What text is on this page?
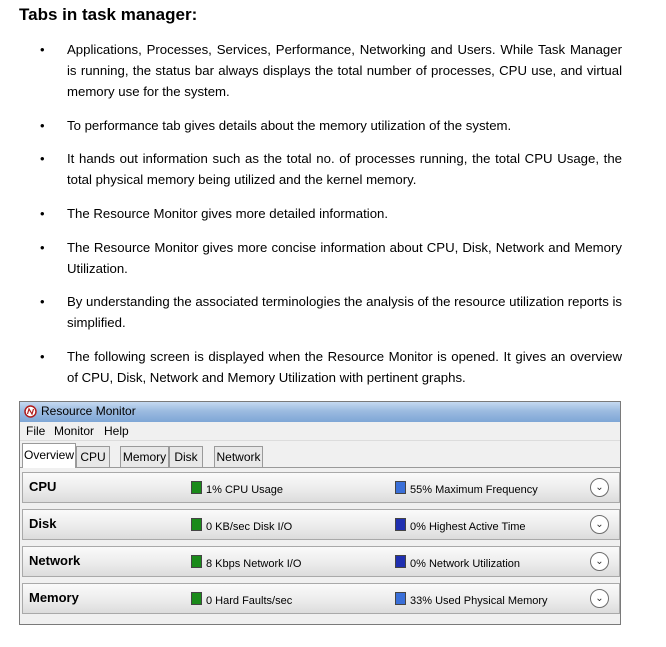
Tabs in task manager:
• Applications, Processes, Services, Performance, Networking and Users. While Task Manager is running, the status bar always displays the total number of processes, CPU use, and virtual memory use for the system.
• To performance tab gives details about the memory utilization of the system.
• It hands out information such as the total no. of processes running, the total CPU Usage, the total physical memory being utilized and the kernel memory.
• The Resource Monitor gives more detailed information.
• The Resource Monitor gives more concise information about CPU, Disk, Network and Memory Utilization.
• By understanding the associated terminologies the analysis of the resource utilization reports is simplified.
• The following screen is displayed when the Resource Monitor is opened. It gives an overview of CPU, Disk, Network and Memory Utilization with pertinent graphs.
Resource Monitor
File Monitor Help
Overview CPU	Memory Disk	Network
CPU	1% CPU Usage	55% Maximum Frequency	⌄
Disk	0 KB/sec Disk I/O	0% Highest Active Time	⌄
Network	8 Kbps Network I/O	0% Network Utilization	⌄
Memory	0 Hard Faults/sec	33% Used Physical Memory	⌄
